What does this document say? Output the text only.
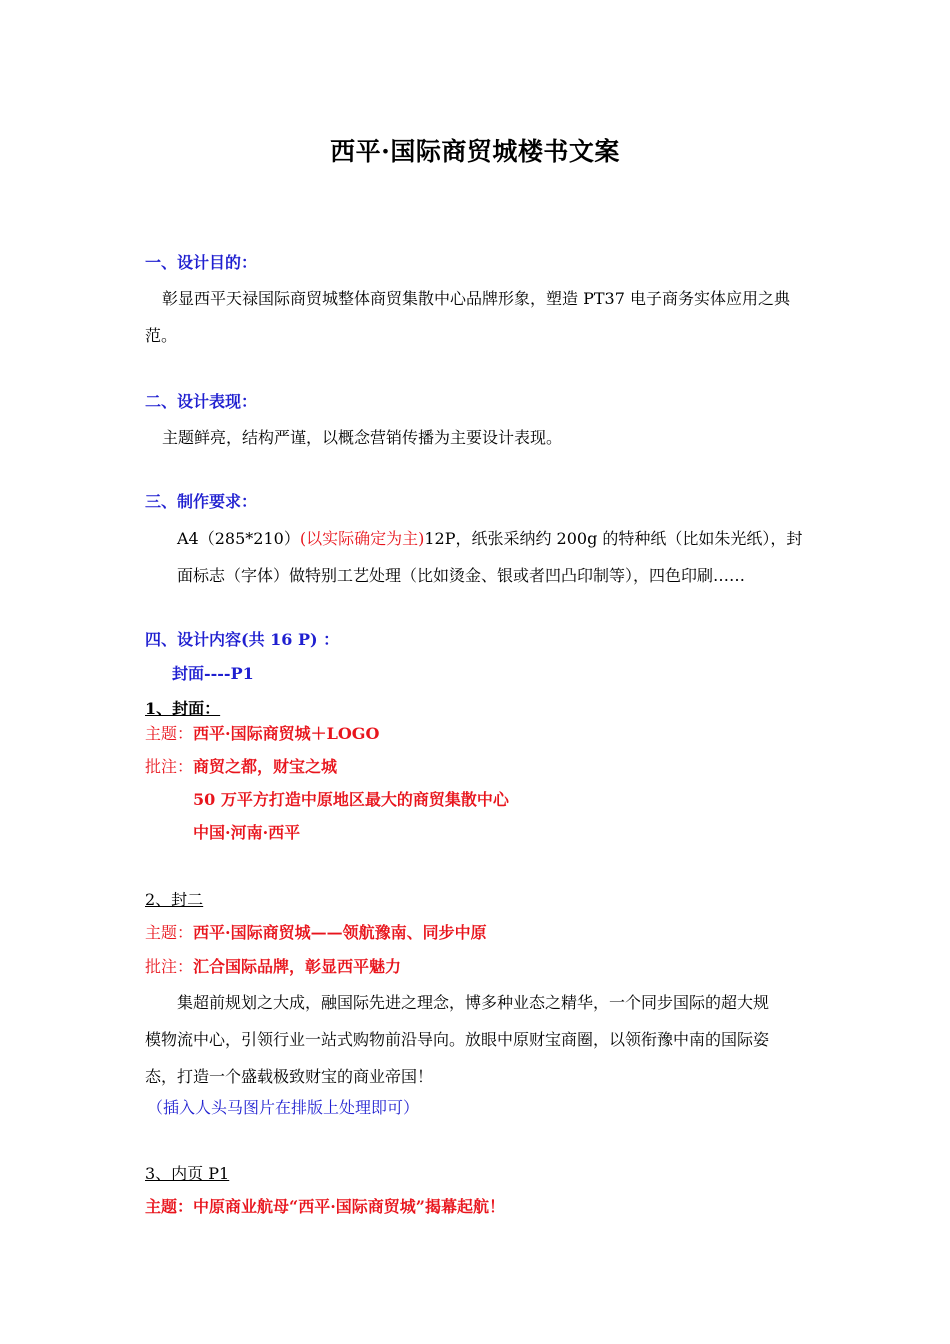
西平·国际商贸城楼书文案
一、设计目的：
彰显西平天禄国际商贸城整体商贸集散中心品牌形象，塑造 PT37 电子商务实体应用之典
范。
二、设计表现：
主题鲜亮，结构严谨，以概念营销传播为主要设计表现。
三、制作要求：
A4（285*210）(以实际确定为主)12P，纸张采纳约 200g 的特种纸（比如朱光纸），封
面标志（字体）做特别工艺处理（比如烫金、银或者凹凸印制等），四色印刷……
四、设计内容(共 16 P) ：
封面----P1
1、封面：
主题：西平·国际商贸城＋LOGO
批注：商贸之都，财宝之城
50 万平方打造中原地区最大的商贸集散中心
中国·河南·西平
2、封二
主题：西平·国际商贸城——领航豫南、同步中原
批注：汇合国际品牌，彰显西平魅力
集超前规划之大成，融国际先进之理念，博多种业态之精华，一个同步国际的超大规
模物流中心，引领行业一站式购物前沿导向。放眼中原财宝商圈，以领衔豫中南的国际姿
态，打造一个盛载极致财宝的商业帝国！
（插入人头马图片在排版上处理即可）
3、内页 P1
主题：中原商业航母“西平·国际商贸城”揭幕起航！
